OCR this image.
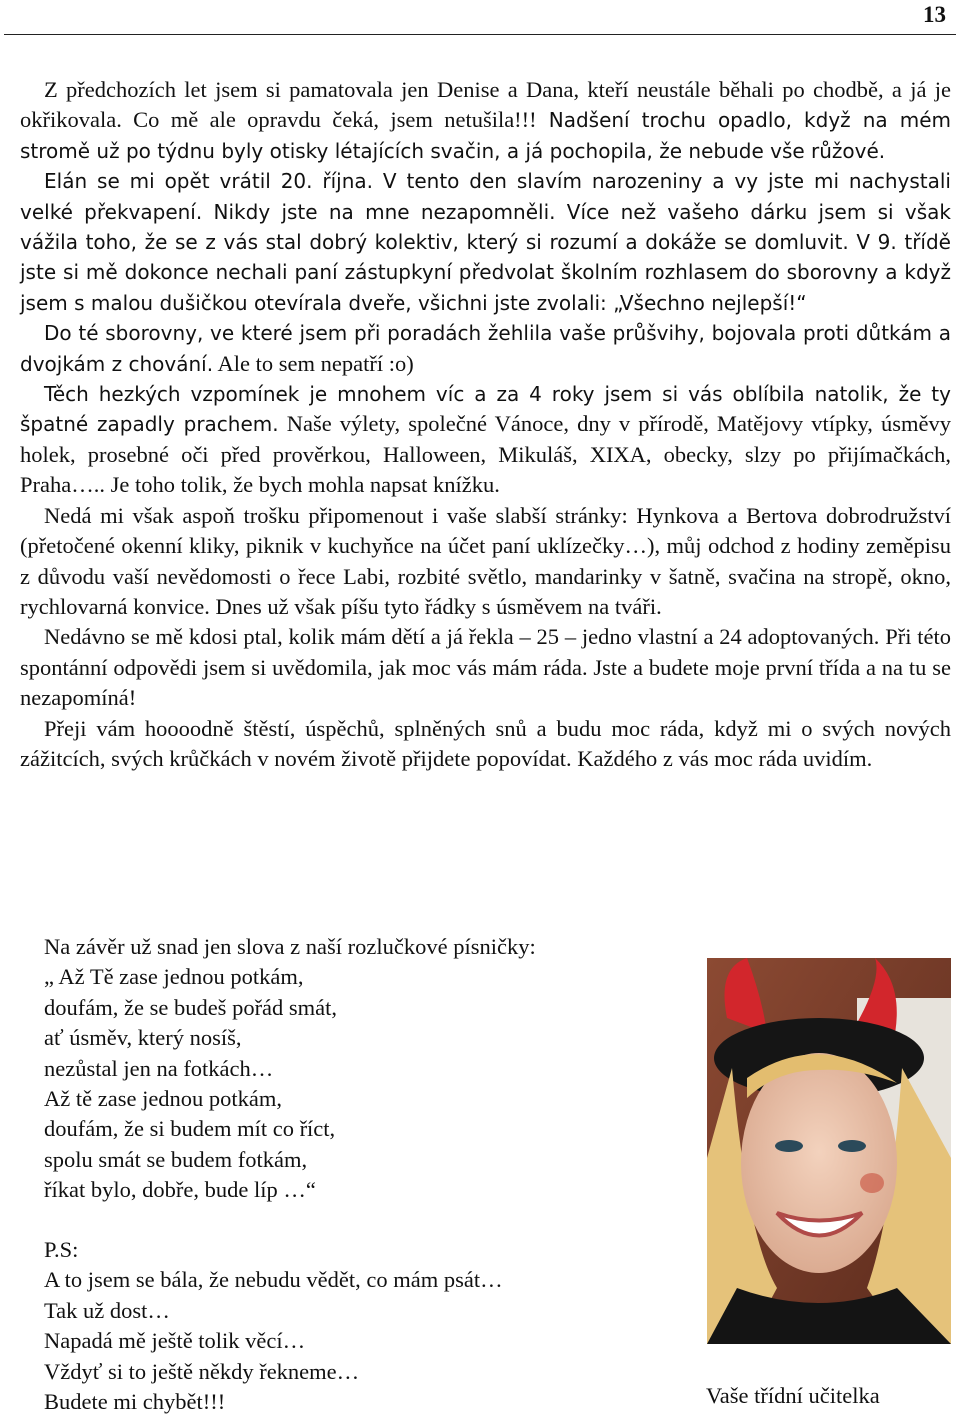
13

Z předchozích let jsem si pamatovala jen Denise a Dana, kteří neustále běhali po chodbě, a já je okřikovala. Co mě ale opravdu čeká, jsem netušila!!! Nadšení trochu opadlo, když na mém stromě už po týdnu byly otisky létajících svačin, a já pochopila, že nebude vše růžové.

Elán se mi opět vrátil 20. října. V tento den slavím narozeniny a vy jste mi nachystali velké překvapení. Nikdy jste na mne nezapomněli. Více než vašeho dárku jsem si však vážila toho, že se z vás stal dobrý kolektiv, který si rozumí a dokáže se domluvit. V 9. třídě jste si mě dokonce nechali paní zástupkyní předvolat školním rozhlasem do sborovny a když jsem s malou dušičkou otevírala dveře, všichni jste zvolali: „Všechno nejlepší!“

Do té sborovny, ve které jsem při poradách žehlila vaše průšvihy, bojovala proti důtkám a dvojkám z chování. Ale to sem nepatří :o)

Těch hezkých vzpomínek je mnohem víc a za 4 roky jsem si vás oblíbila natolik, že ty špatné zapadly prachem. Naše výlety, společné Vánoce, dny v přírodě, Matějovy vtípky, úsměvy holek, prosebné oči před prověrkou, Halloween, Mikuláš, XIXA, obecky, slzy po přijímačkách, Praha….. Je toho tolik, že bych mohla napsat knížku.

Nedá mi však aspoň trošku připomenout i vaše slabší stránky: Hynkova a Bertova dobrodružství (přetočené okenní kliky, piknik v kuchyňce na účet paní uklízečky…), můj odchod z hodiny zeměpisu z důvodu vaší nevědomosti o řece Labi, rozbité světlo, mandarinky v šatně, svačina na stropě, okno, rychlovarná konvice. Dnes už však píšu tyto řádky s úsměvem na tváři.

Nedávno se mě kdosi ptal, kolik mám dětí a já řekla – 25 – jedno vlastní a 24 adoptovaných. Při této spontánní odpovědi jsem si uvědomila, jak moc vás mám ráda. Jste a budete moje první třída a na tu se nezapomíná!

Přeji vám hoooodně štěstí, úspěchů, splněných snů a budu moc ráda, když mi o svých nových zážitcích, svých krůčkách v novém životě přijdete popovídat. Každého z vás moc ráda uvidím.

Na závěr už snad jen slova z naší rozlučkové písničky:
„ Až Tě zase jednou potkám,
doufám, že se budeš pořád smát,
ať úsměv, který nosíš,
nezůstal jen na fotkách…
Až tě zase jednou potkám,
doufám, že si budem mít co říct,
spolu smát se budem fotkám,
říkat bylo, dobře, bude líp …“
P.S:
A to jsem se bála, že nebudu vědět, co mám psát…
Tak už dost…
Napadá mě ještě tolik věcí…
Vždyť si to ještě někdy řekneme…
Budete mi chybět!!!	Vaše třídní učitelka
